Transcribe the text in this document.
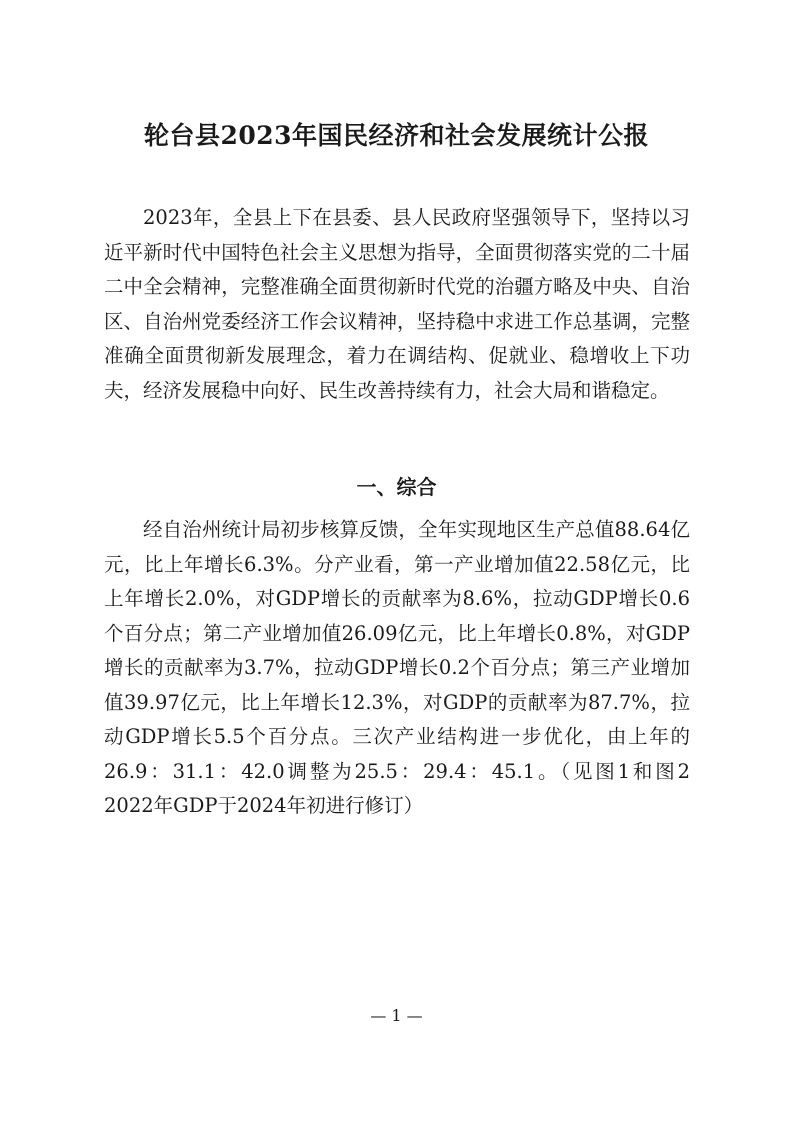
轮台县2023年国民经济和社会发展统计公报

2023年，全县上下在县委、县人民政府坚强领导下，坚持以习近平新时代中国特色社会主义思想为指导，全面贯彻落实党的二十届二中全会精神，完整准确全面贯彻新时代党的治疆方略及中央、自治区、自治州党委经济工作会议精神，坚持稳中求进工作总基调，完整准确全面贯彻新发展理念，着力在调结构、促就业、稳增收上下功夫，经济发展稳中向好、民生改善持续有力，社会大局和谐稳定。

一、综合

经自治州统计局初步核算反馈，全年实现地区生产总值88.64亿元，比上年增长6.3%。分产业看，第一产业增加值22.58亿元，比上年增长2.0%，对GDP增长的贡献率为8.6%，拉动GDP增长0.6个百分点；第二产业增加值26.09亿元，比上年增长0.8%，对GDP增长的贡献率为3.7%，拉动GDP增长0.2个百分点；第三产业增加值39.97亿元，比上年增长12.3%，对GDP的贡献率为87.7%，拉动GDP增长5.5个百分点。三次产业结构进一步优化，由上年的26.9：31.1：42.0调整为25.5：29.4：45.1。（见图1和图2　2022年GDP于2024年初进行修订）

— 1 —
